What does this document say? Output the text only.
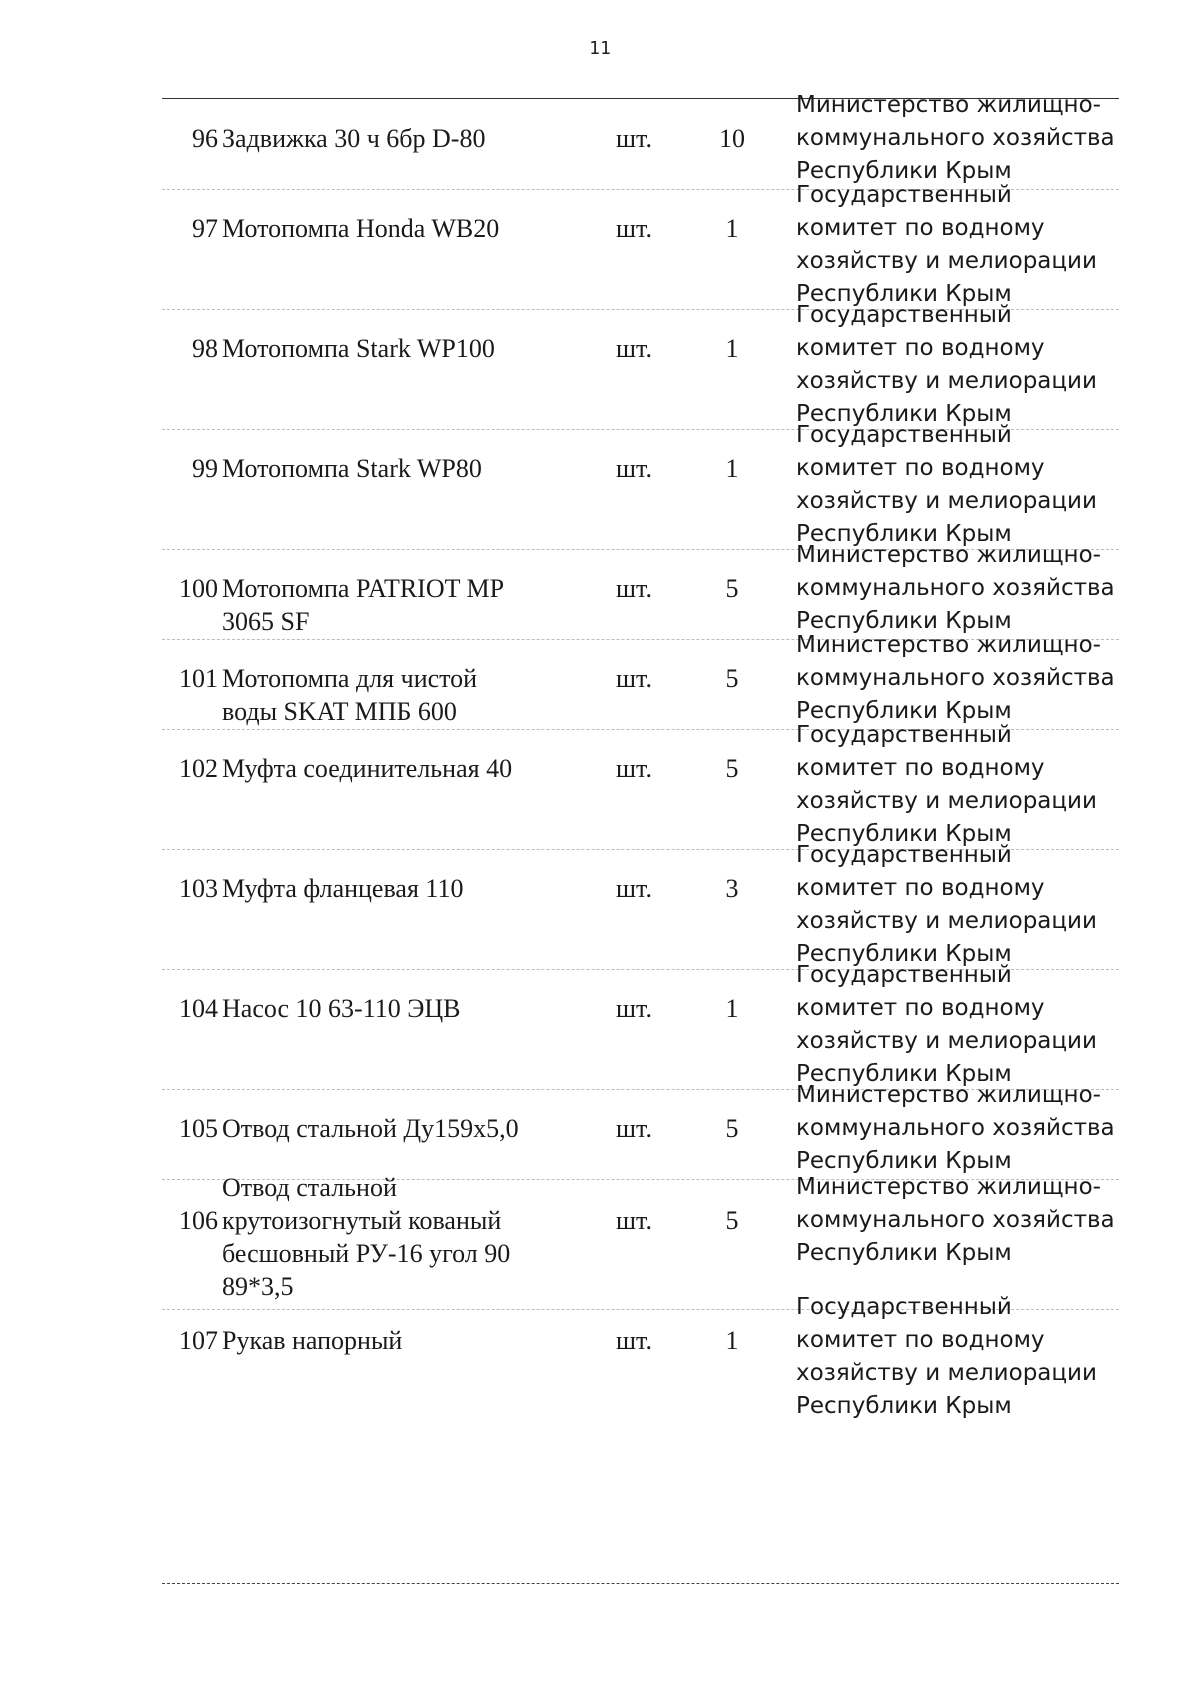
11
96 Задвижка 30 ч 6бр D-80	шт.	10
Министерство жилищно-
коммунального хозяйства
Республики Крым
97 Мотопомпа Honda WB20	шт.	1
Государственный
комитет по водному
хозяйству и мелиорации
Республики Крым
98 Мотопомпа Stark WP100	шт.	1
Государственный
комитет по водному
хозяйству и мелиорации
Республики Крым
99 Мотопомпа Stark WP80	шт.	1
Государственный
комитет по водному
хозяйству и мелиорации
Республики Крым
100 Мотопомпа PATRIOT MP
3065 SF
шт.	5
Министерство жилищно-
коммунального хозяйства
Республики Крым
101 Мотопомпа для чистой
воды SKAT МПБ 600
шт.	5
Министерство жилищно-
коммунального хозяйства
Республики Крым
102 Муфта соединительная 40	шт.	5
Государственный
комитет по водному
хозяйству и мелиорации
Республики Крым
103 Муфта фланцевая 110	шт.	3
Государственный
комитет по водному
хозяйству и мелиорации
Республики Крым
104 Насос 10 63-110 ЭЦВ	шт.	1
Государственный
комитет по водному
хозяйству и мелиорации
Республики Крым
105 Отвод стальной Ду159х5,0	шт.	5
Министерство жилищно-
коммунального хозяйства
Республики Крым
106
Отвод стальной
крутоизогнутый кованый
бесшовный РУ-16 угол 90
89*3,5
шт.	5
Министерство жилищно-
коммунального хозяйства
Республики Крым
107 Рукав напорный	шт.	1
Государственный
комитет по водному
хозяйству и мелиорации
Республики Крым
